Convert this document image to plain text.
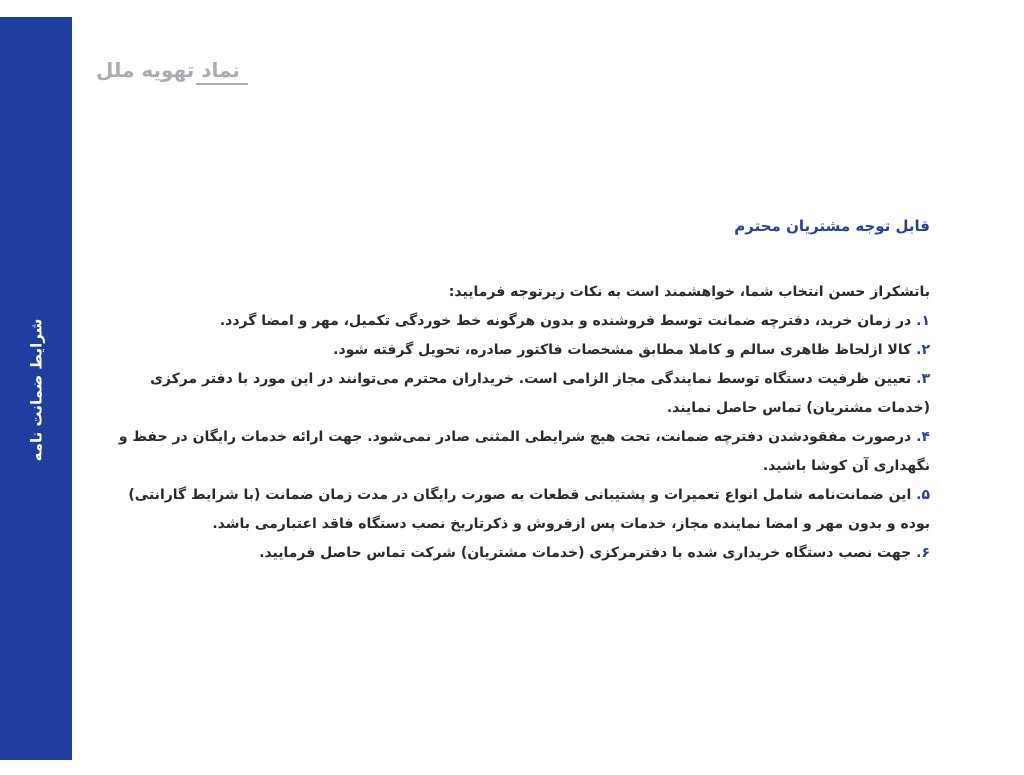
شرایط ضمانت نامه
نماد تهویه ملل

قابل توجه مشتریان محترم

باتشکراز حسن انتخاب شما، خواهشمند است به نکات زیرتوجه فرمایید:

۱. در زمان خرید، دفترچه ضمانت توسط فروشنده و بدون هرگونه خط خوردگی تکمیل، مهر و امضا گردد.

۲. کالا ازلحاظ ظاهری سالم و کاملا مطابق مشخصات فاکتور صادره، تحویل گرفته شود.

۳. تعیین ظرفیت دستگاه توسط نمایندگی مجاز الزامی است. خریداران محترم می‌توانند در این مورد با دفتر مرکزی (خدمات مشتریان) تماس حاصل نمایند.

۴. درصورت مفقودشدن دفترچه ضمانت، تحت هیچ شرایطی المثنی صادر نمی‌شود. جهت ارائه خدمات رایگان در حفظ و نگهداری آن کوشا باشید.

۵. این ضمانت‌نامه شامل انواع تعمیرات و پشتیبانی قطعات به صورت رایگان در مدت زمان ضمانت (با شرایط گارانتی) بوده و بدون مهر و امضا نماینده مجاز، خدمات پس ازفروش و ذکرتاریخ نصب دستگاه فاقد اعتبارمی باشد.

۶. جهت نصب دستگاه خریداری شده با دفترمرکزی (خدمات مشتریان) شرکت تماس حاصل فرمایید.
